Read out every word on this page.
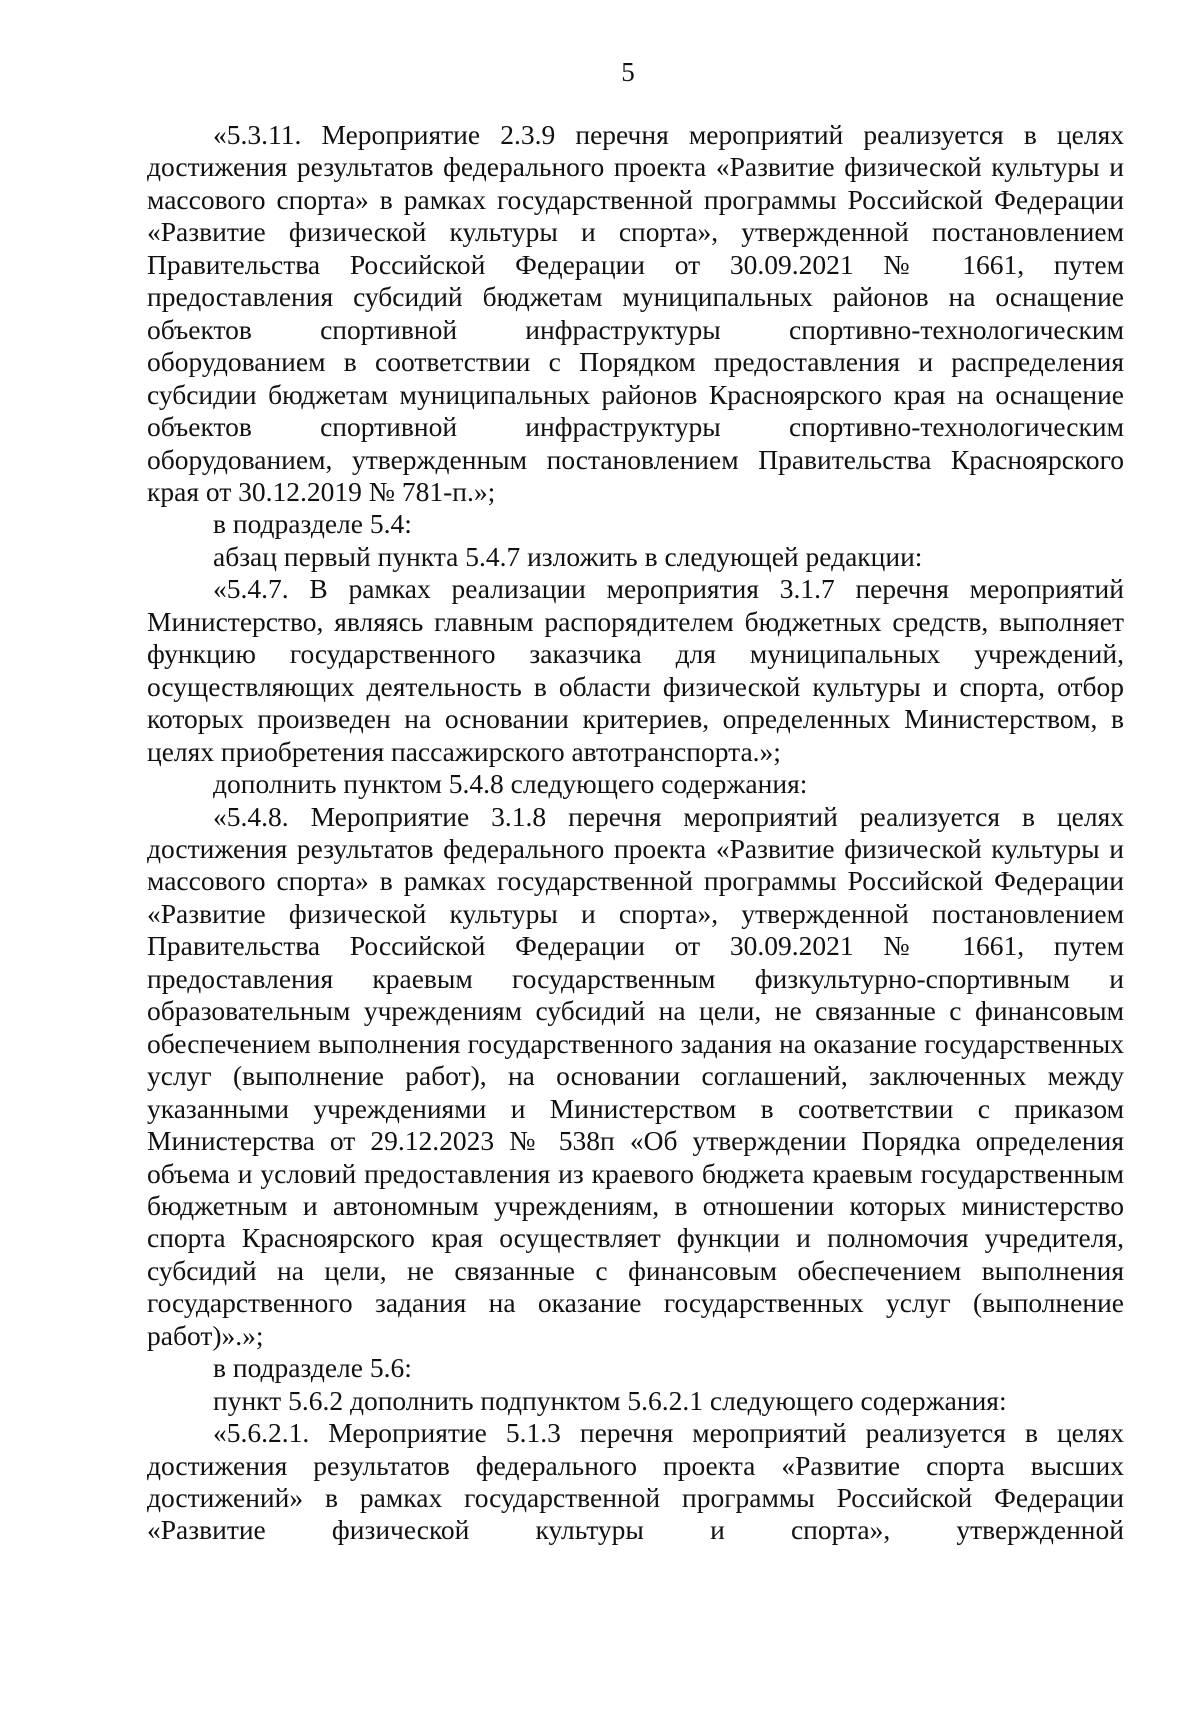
5

«5.3.11. Мероприятие 2.3.9 перечня мероприятий реализуется в целях достижения результатов федерального проекта «Развитие физической культуры и массового спорта» в рамках государственной программы Российской Федерации «Развитие физической культуры и спорта», утвержденной постановлением Правительства Российской Федерации от 30.09.2021 № 1661, путем предоставления субсидий бюджетам муниципальных районов на оснащение объектов спортивной инфраструктуры спортивно-технологическим оборудованием в соответствии с Порядком предоставления и распределения субсидии бюджетам муниципальных районов Красноярского края на оснащение объектов спортивной инфраструктуры спортивно-технологическим оборудованием, утвержденным постановлением Правительства Красноярского края от 30.12.2019 № 781-п.»;

в подразделе 5.4:

абзац первый пункта 5.4.7 изложить в следующей редакции:

«5.4.7. В рамках реализации мероприятия 3.1.7 перечня мероприятий Министерство, являясь главным распорядителем бюджетных средств, выполняет функцию государственного заказчика для муниципальных учреждений, осуществляющих деятельность в области физической культуры и спорта, отбор которых произведен на основании критериев, определенных Министерством, в целях приобретения пассажирского автотранспорта.»;

дополнить пунктом 5.4.8 следующего содержания:

«5.4.8. Мероприятие 3.1.8 перечня мероприятий реализуется в целях достижения результатов федерального проекта «Развитие физической культуры и массового спорта» в рамках государственной программы Российской Федерации «Развитие физической культуры и спорта», утвержденной постановлением Правительства Российской Федерации от 30.09.2021 № 1661, путем предоставления краевым государственным физкультурно-спортивным и образовательным учреждениям субсидий на цели, не связанные с финансовым обеспечением выполнения государственного задания на оказание государственных услуг (выполнение работ), на основании соглашений, заключенных между указанными учреждениями и Министерством в соответствии с приказом Министерства от 29.12.2023 № 538п «Об утверждении Порядка определения объема и условий предоставления из краевого бюджета краевым государственным бюджетным и автономным учреждениям, в отношении которых министерство спорта Красноярского края осуществляет функции и полномочия учредителя, субсидий на цели, не связанные с финансовым обеспечением выполнения государственного задания на оказание государственных услуг (выполнение работ)».»;

в подразделе 5.6:

пункт 5.6.2 дополнить подпунктом 5.6.2.1 следующего содержания:

«5.6.2.1. Мероприятие 5.1.3 перечня мероприятий реализуется в целях достижения результатов федерального проекта «Развитие спорта высших достижений» в рамках государственной программы Российской Федерации «Развитие физической культуры и спорта», утвержденной
